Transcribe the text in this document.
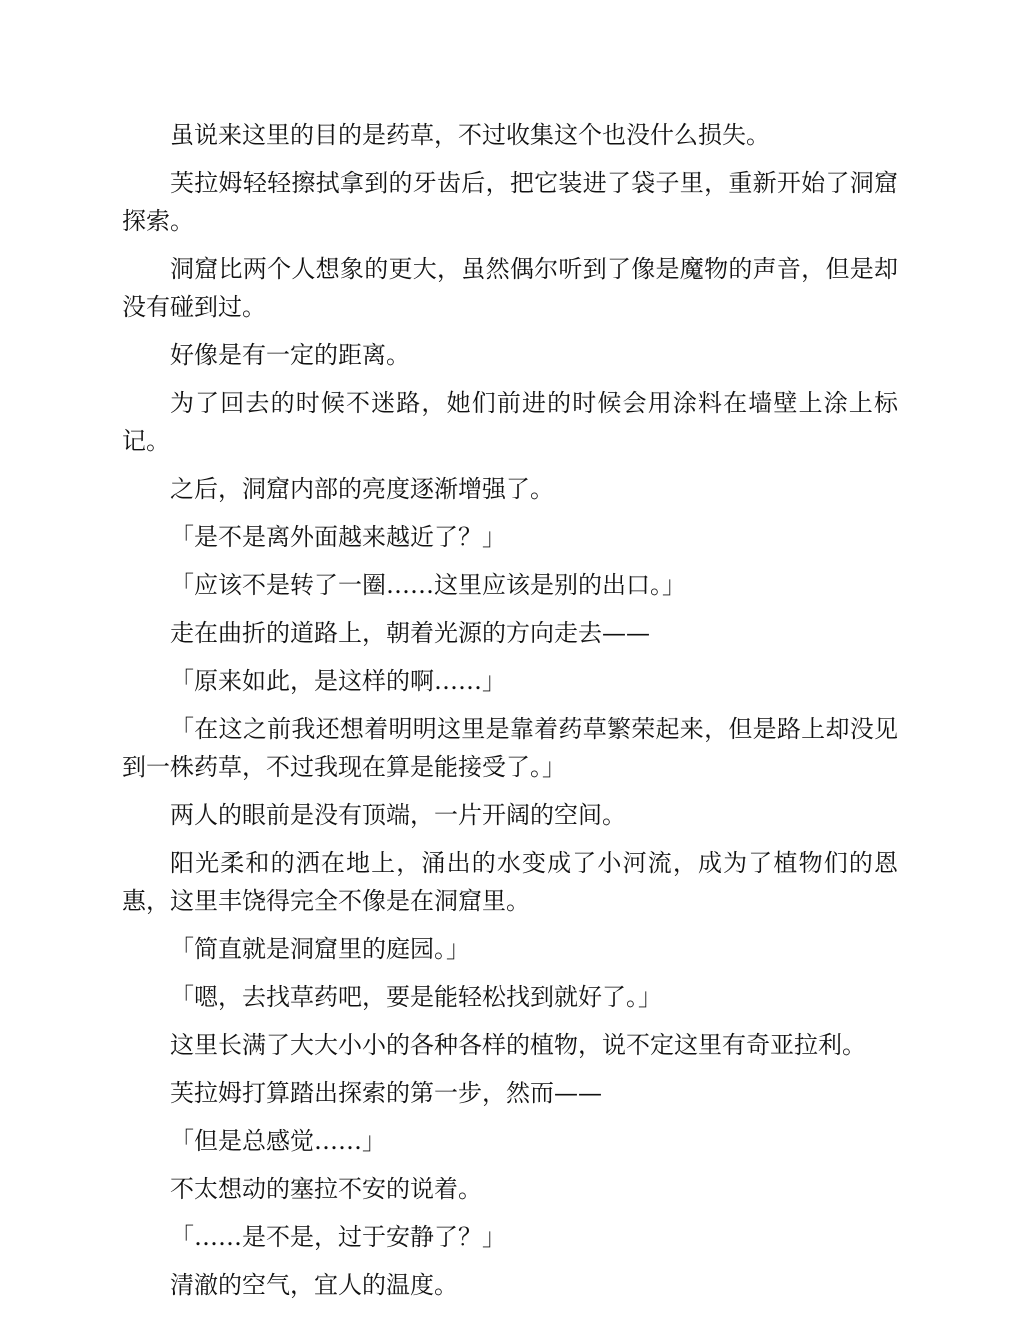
虽说来这里的目的是药草，不过收集这个也没什么损失。

芙拉姆轻轻擦拭拿到的牙齿后，把它装进了袋子里，重新开始了洞窟探索。

洞窟比两个人想象的更大，虽然偶尔听到了像是魔物的声音，但是却没有碰到过。

好像是有一定的距离。

为了回去的时候不迷路，她们前进的时候会用涂料在墙壁上涂上标记。

之后，洞窟内部的亮度逐渐增强了。

「是不是离外面越来越近了？」

「应该不是转了一圈……这里应该是别的出口。」

走在曲折的道路上，朝着光源的方向走去——

「原来如此，是这样的啊……」

「在这之前我还想着明明这里是靠着药草繁荣起来，但是路上却没见到一株药草，不过我现在算是能接受了。」

两人的眼前是没有顶端，一片开阔的空间。

阳光柔和的洒在地上，涌出的水变成了小河流，成为了植物们的恩惠，这里丰饶得完全不像是在洞窟里。

「简直就是洞窟里的庭园。」

「嗯，去找草药吧，要是能轻松找到就好了。」

这里长满了大大小小的各种各样的植物，说不定这里有奇亚拉利。

芙拉姆打算踏出探索的第一步，然而——

「但是总感觉……」

不太想动的塞拉不安的说着。

「……是不是，过于安静了？」

清澈的空气，宜人的温度。
